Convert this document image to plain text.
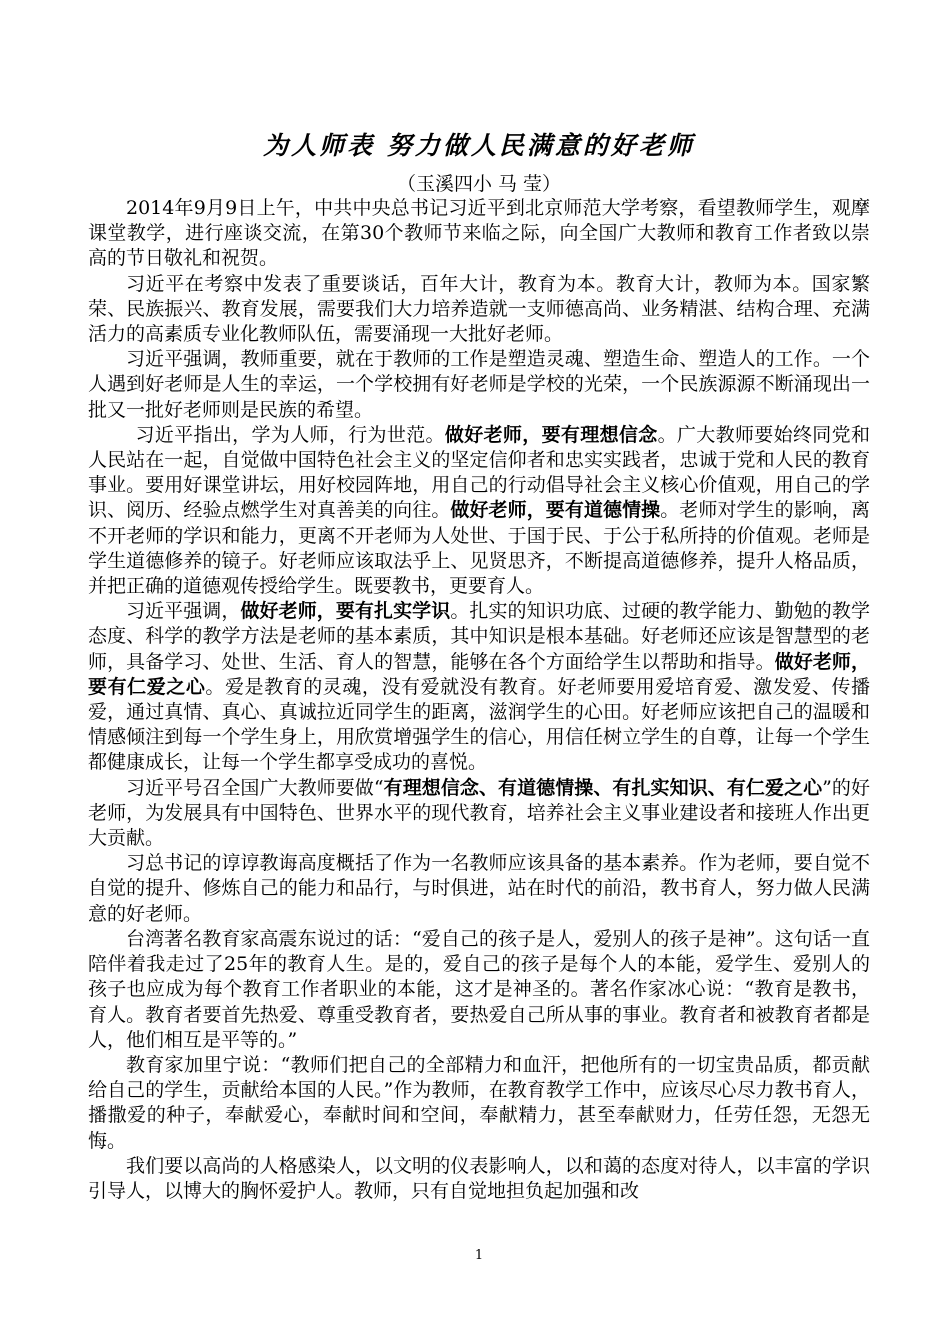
为人师表 努力做人民满意的好老师
（玉溪四小 马 莹）

2014年9月9日上午，中共中央总书记习近平到北京师范大学考察，看望教师学生，观摩课堂教学，进行座谈交流，在第30个教师节来临之际，向全国广大教师和教育工作者致以崇高的节日敬礼和祝贺。

习近平在考察中发表了重要谈话，百年大计，教育为本。教育大计，教师为本。国家繁荣、民族振兴、教育发展，需要我们大力培养造就一支师德高尚、业务精湛、结构合理、充满活力的高素质专业化教师队伍，需要涌现一大批好老师。

习近平强调，教师重要，就在于教师的工作是塑造灵魂、塑造生命、塑造人的工作。一个人遇到好老师是人生的幸运，一个学校拥有好老师是学校的光荣，一个民族源源不断涌现出一批又一批好老师则是民族的希望。

习近平指出，学为人师，行为世范。做好老师，要有理想信念。广大教师要始终同党和人民站在一起，自觉做中国特色社会主义的坚定信仰者和忠实实践者，忠诚于党和人民的教育事业。要用好课堂讲坛，用好校园阵地，用自己的行动倡导社会主义核心价值观，用自己的学识、阅历、经验点燃学生对真善美的向往。做好老师，要有道德情操。老师对学生的影响，离不开老师的学识和能力，更离不开老师为人处世、于国于民、于公于私所持的价值观。老师是学生道德修养的镜子。好老师应该取法乎上、见贤思齐，不断提高道德修养，提升人格品质，并把正确的道德观传授给学生。既要教书，更要育人。

习近平强调，做好老师，要有扎实学识。扎实的知识功底、过硬的教学能力、勤勉的教学态度、科学的教学方法是老师的基本素质，其中知识是根本基础。好老师还应该是智慧型的老师，具备学习、处世、生活、育人的智慧，能够在各个方面给学生以帮助和指导。做好老师，要有仁爱之心。爱是教育的灵魂，没有爱就没有教育。好老师要用爱培育爱、激发爱、传播爱，通过真情、真心、真诚拉近同学生的距离，滋润学生的心田。好老师应该把自己的温暖和情感倾注到每一个学生身上，用欣赏增强学生的信心，用信任树立学生的自尊，让每一个学生都健康成长，让每一个学生都享受成功的喜悦。

习近平号召全国广大教师要做“有理想信念、有道德情操、有扎实知识、有仁爱之心”的好老师，为发展具有中国特色、世界水平的现代教育，培养社会主义事业建设者和接班人作出更大贡献。

习总书记的谆谆教诲高度概括了作为一名教师应该具备的基本素养。作为老师，要自觉不自觉的提升、修炼自己的能力和品行，与时俱进，站在时代的前沿，教书育人，努力做人民满意的好老师。

台湾著名教育家高震东说过的话：“爱自己的孩子是人，爱别人的孩子是神”。这句话一直陪伴着我走过了25年的教育人生。是的，爱自己的孩子是每个人的本能，爱学生、爱别人的孩子也应成为每个教育工作者职业的本能，这才是神圣的。著名作家冰心说：“教育是教书，育人。教育者要首先热爱、尊重受教育者，要热爱自己所从事的事业。教育者和被教育者都是人，他们相互是平等的。”

教育家加里宁说：“教师们把自己的全部精力和血汗，把他所有的一切宝贵品质，都贡献给自己的学生，贡献给本国的人民。”作为教师，在教育教学工作中，应该尽心尽力教书育人，播撒爱的种子，奉献爱心，奉献时间和空间，奉献精力，甚至奉献财力，任劳任怨，无怨无悔。

我们要以高尚的人格感染人，以文明的仪表影响人，以和蔼的态度对待人，以丰富的学识引导人，以博大的胸怀爱护人。教师，只有自觉地担负起加强和改

1
